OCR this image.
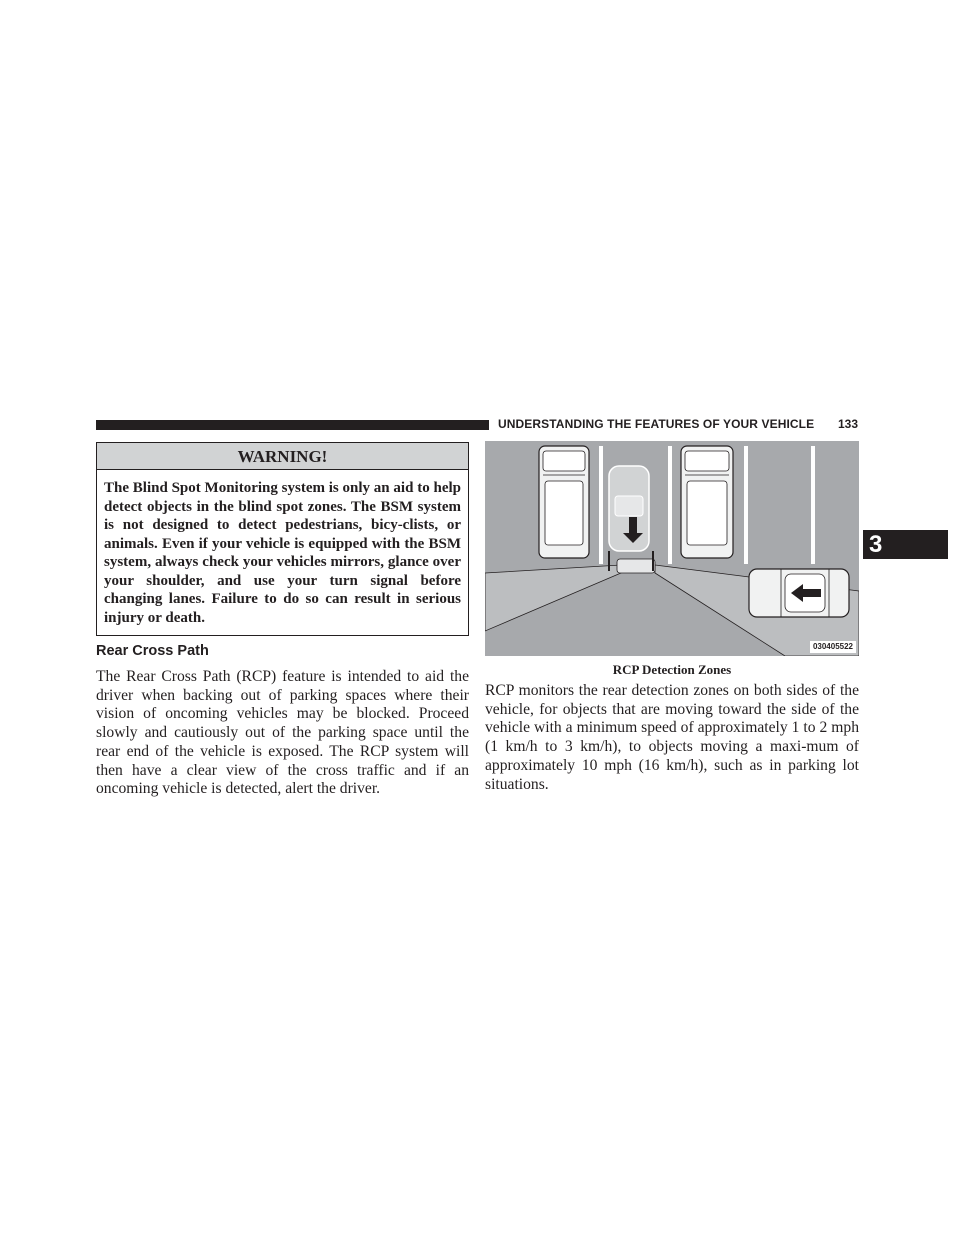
UNDERSTANDING THE FEATURES OF YOUR VEHICLE 133
3
WARNING!
The Blind Spot Monitoring system is only an aid to help detect objects in the blind spot zones. The BSM system is not designed to detect pedestrians, bicy-clists, or animals. Even if your vehicle is equipped with the BSM system, always check your vehicles mirrors, glance over your shoulder, and use your turn signal before changing lanes. Failure to do so can result in serious injury or death.
Rear Cross Path

The Rear Cross Path (RCP) feature is intended to aid the driver when backing out of parking spaces where their vision of oncoming vehicles may be blocked. Proceed slowly and cautiously out of the parking space until the rear end of the vehicle is exposed. The RCP system will then have a clear view of the cross traffic and if an oncoming vehicle is detected, alert the driver.

030405522
RCP Detection Zones

RCP monitors the rear detection zones on both sides of the vehicle, for objects that are moving toward the side of the vehicle with a minimum speed of approximately 1 to 2 mph (1 km/h to 3 km/h), to objects moving a maxi-mum of approximately 10 mph (16 km/h), such as in parking lot situations.
